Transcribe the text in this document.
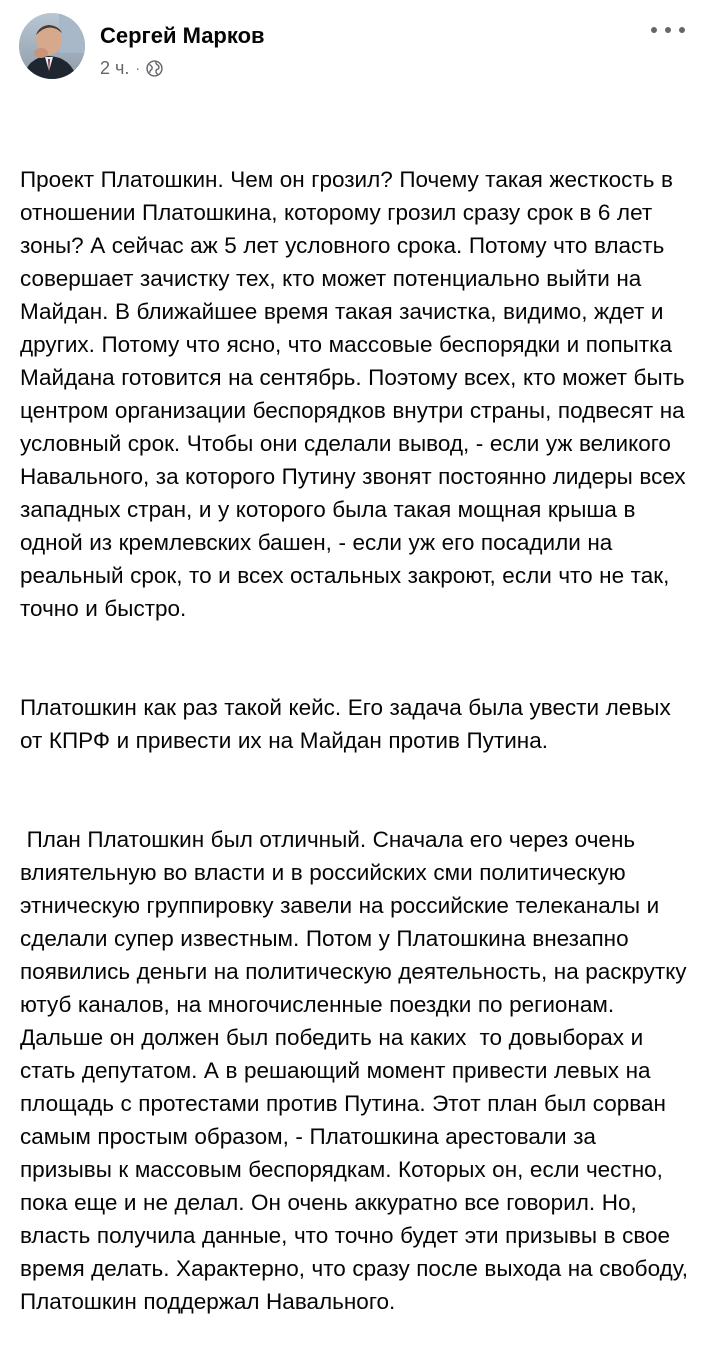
Сергей Марков
2 ч. ·

Проект Платошкин. Чем он грозил? Почему такая жесткость в отношении Платошкина, которому грозил сразу срок в 6 лет зоны? А сейчас аж 5 лет условного срока. Потому что власть совершает зачистку тех, кто может потенциально выйти на Майдан. В ближайшее время такая зачистка, видимо, ждет и других. Потому что ясно, что массовые беспорядки и попытка Майдана готовится на сентябрь. Поэтому всех, кто может быть центром организации беспорядков внутри страны, подвесят на условный срок. Чтобы они сделали вывод, - если уж великого Навального, за которого Путину звонят постоянно лидеры всех западных стран, и у которого была такая мощная крыша в одной из кремлевских башен, - если уж его посадили на реальный срок, то и всех остальных закроют, если что не так, точно и быстро.

Платошкин как раз такой кейс. Его задача была увести левых от КПРФ и привести их на Майдан против Путина.

План Платошкин был отличный. Сначала его через очень влиятельную во власти и в российских сми политическую этническую группировку завели на российские телеканалы и сделали супер известным. Потом у Платошкина внезапно появились деньги на политическую деятельность, на раскрутку ютуб каналов, на многочисленные поездки по регионам. Дальше он должен был победить на каких  то довыборах и стать депутатом. А в решающий момент привести левых на площадь с протестами против Путина. Этот план был сорван самым простым образом, - Платошкина арестовали за призывы к массовым беспорядкам. Которых он, если честно, пока еще и не делал. Он очень аккуратно все говорил. Но, власть получила данные, что точно будет эти призывы в свое время делать. Характерно, что сразу после выхода на свободу, Платошкин поддержал Навального.
